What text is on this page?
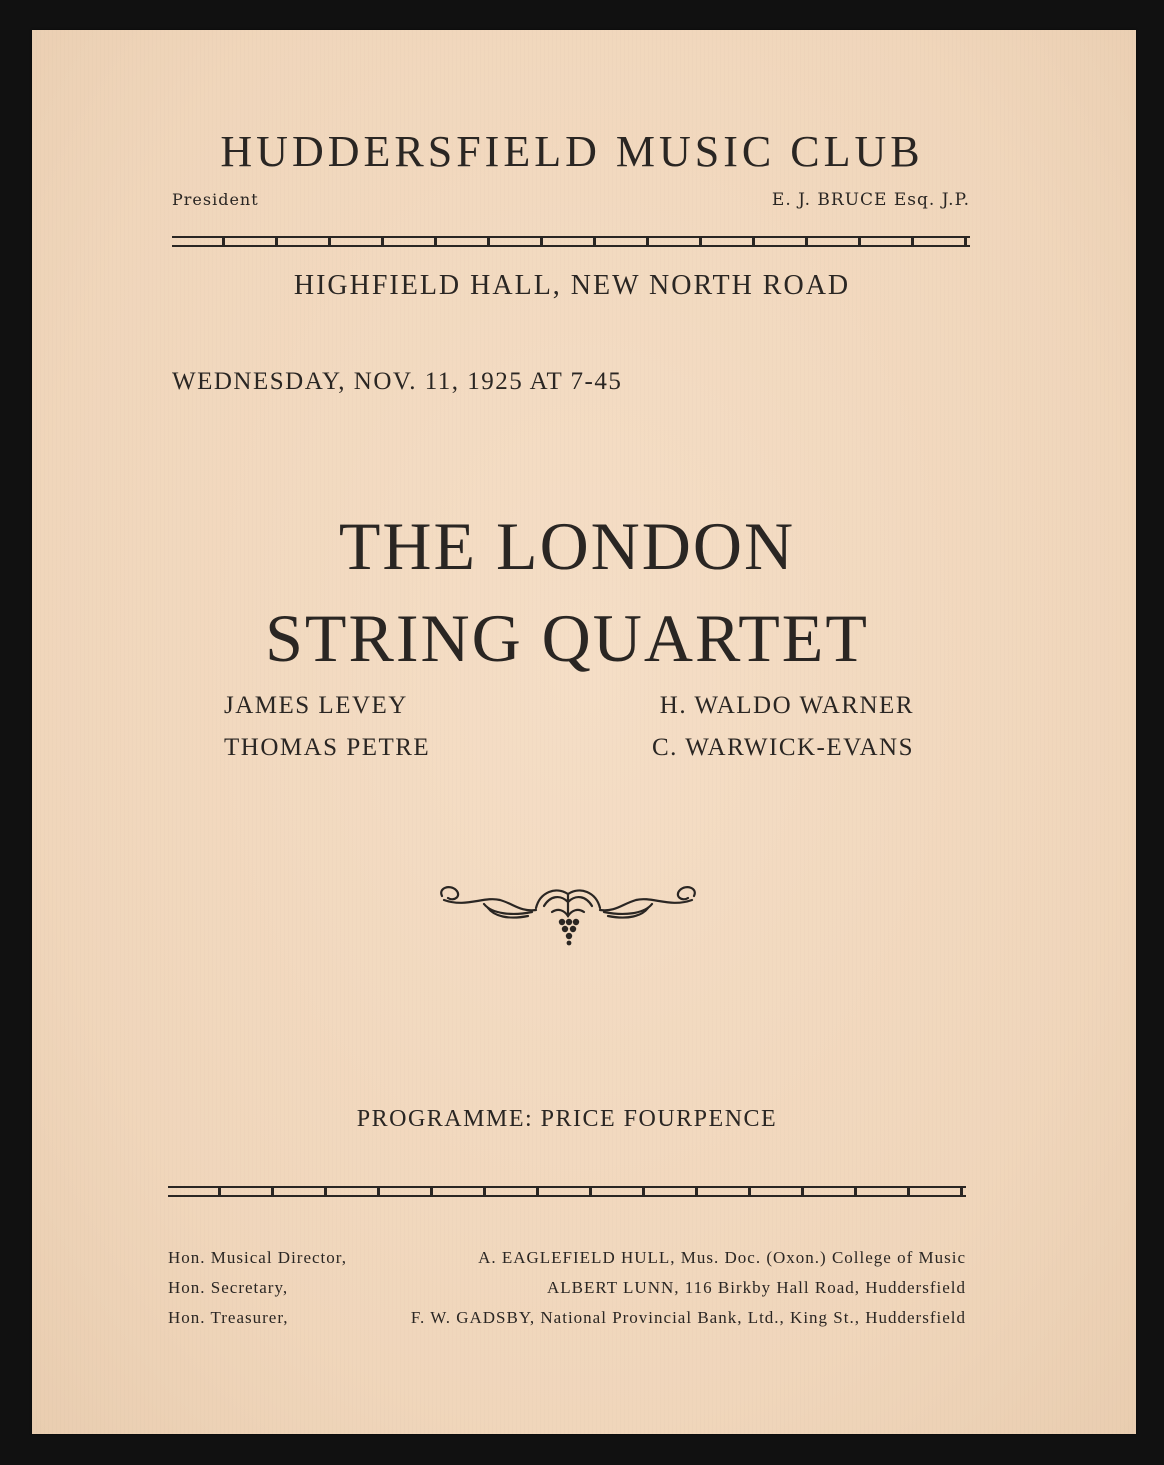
HUDDERSFIELD MUSIC CLUB
President	E. J. BRUCE Esq. J.P.
HIGHFIELD HALL, NEW NORTH ROAD
WEDNESDAY, NOV. 11, 1925 AT 7-45
THE LONDON
STRING QUARTET
JAMES LEVEY	H. WALDO WARNER
THOMAS PETRE	C. WARWICK-EVANS
PROGRAMME: PRICE FOURPENCE
Hon. Musical Director,	A. EAGLEFIELD HULL, Mus. Doc. (Oxon.) College of Music
Hon. Secretary,	ALBERT LUNN, 116 Birkby Hall Road, Huddersfield
Hon. Treasurer,	F. W. GADSBY, National Provincial Bank, Ltd., King St., Huddersfield
